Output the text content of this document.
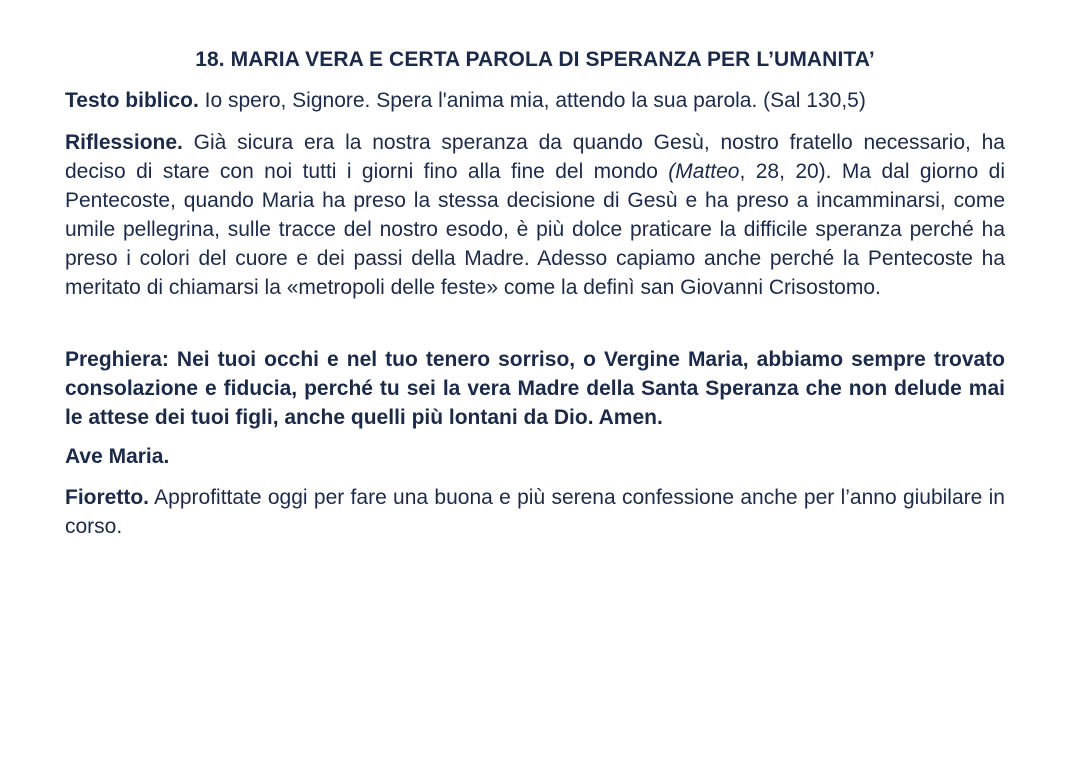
18. MARIA VERA E CERTA PAROLA DI SPERANZA PER L’UMANITA’

Testo biblico. Io spero, Signore. Spera l'anima mia, attendo la sua parola. (Sal 130,5)

Riflessione. Già sicura era la nostra speranza da quando Gesù, nostro fratello necessario, ha deciso di stare con noi tutti i giorni fino alla fine del mondo (Matteo, 28, 20). Ma dal giorno di Pentecoste, quando Maria ha preso la stessa decisione di Gesù e ha preso a incamminarsi, come umile pellegrina, sulle tracce del nostro esodo, è più dolce praticare la difficile speranza perché ha preso i colori del cuore e dei passi della Madre. Adesso capiamo anche perché la Pentecoste ha meritato di chiamarsi la «metropoli delle feste» come la definì san Giovanni Crisostomo.

Preghiera: Nei tuoi occhi e nel tuo tenero sorriso, o Vergine Maria, abbiamo sempre trovato consolazione e fiducia, perché tu sei la vera Madre della Santa Speranza che non delude mai le attese dei tuoi figli, anche quelli più lontani da Dio. Amen.

Ave Maria.

Fioretto. Approfittate oggi per fare una buona e più serena confessione anche per l’anno giubilare in corso.
